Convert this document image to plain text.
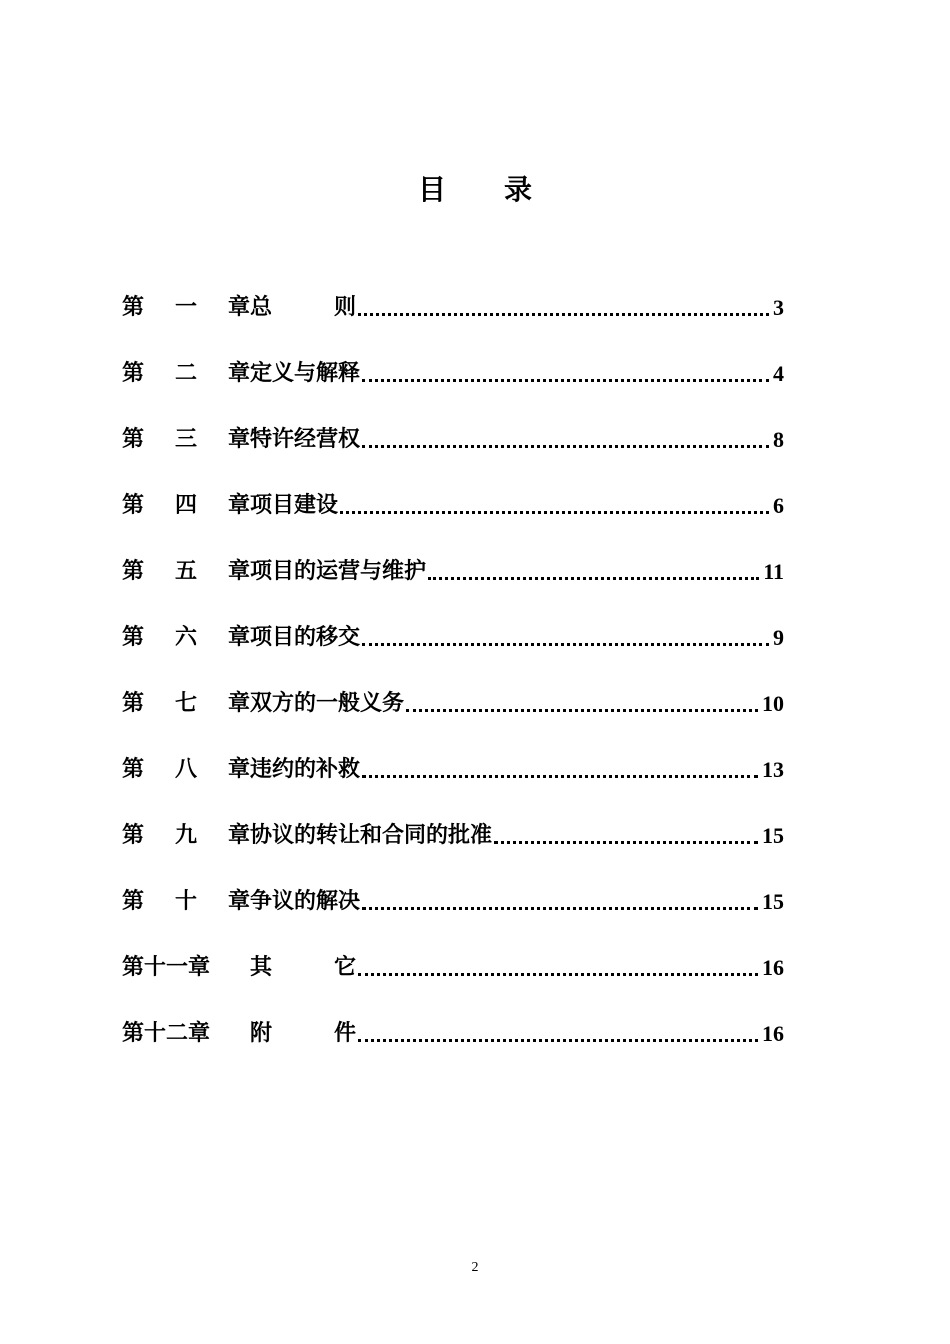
目 录
第 一 章 总	则	3
第 二 章 定义与解释	4
第 三 章 特许经营权	8
第 四 章 项目建设	6
第 五 章 项目的运营与维护	11
第 六 章 项目的移交	9
第 七 章 双方的一般义务	10
第 八 章 违约的补救	13
第 九 章 协议的转让和合同的批准	15
第 十 章 争议的解决	15
第十一章 其	它	16
第十二章 附	件	16
2
